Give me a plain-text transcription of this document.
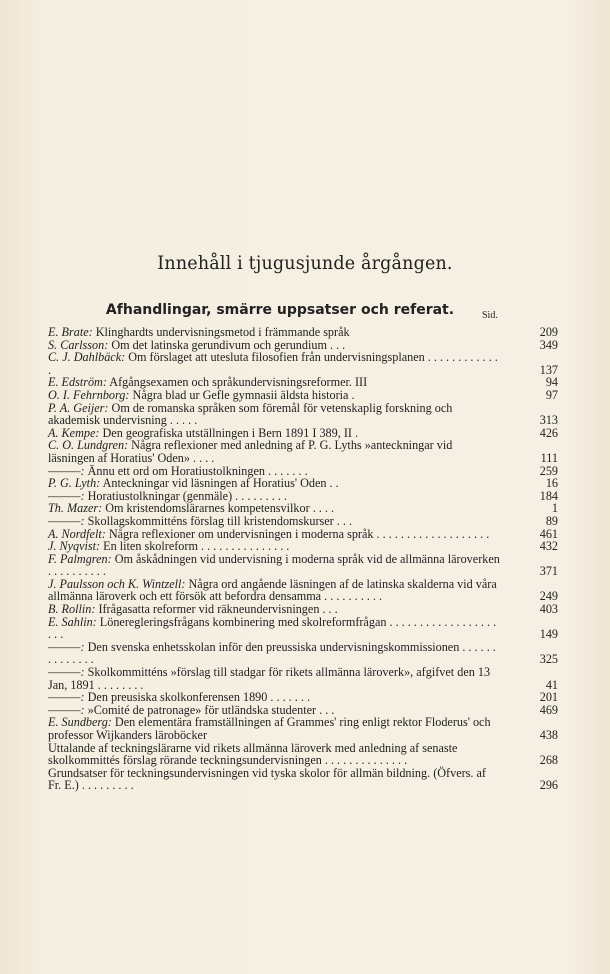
Innehåll i tjugusjunde årgången.
Afhandlingar, smärre uppsatser och referat.	Sid.
E. Brate: Klinghardts undervisningsmetod i främmande språk	209
S. Carlsson: Om det latinska gerundivum och gerundium . . .	349
C. J. Dahlbäck: Om förslaget att utesluta filosofien från undervisningsplanen . . . . . . . . . . . . .	137
E. Edström: Afgångsexamen och språkundervisningsreformer. III	94
O. I. Fehrnborg: Några blad ur Gefle gymnasii äldsta historia .	97
P. A. Geijer: Om de romanska språken som föremål för vetenskaplig forskning och akademisk undervisning . . . . .	313
A. Kempe: Den geografiska utställningen i Bern 1891 I 389, II .	426
C. O. Lundgren: Några reflexioner med anledning af P. G. Lyths »anteckningar vid läsningen af Horatius' Oden» . . . .	111
———: Ännu ett ord om Horatiustolkningen . . . . . . .	259
P. G. Lyth: Anteckningar vid läsningen af Horatius' Oden . .	16
———: Horatiustolkningar (genmäle) . . . . . . . . .	184
Th. Mazer: Om kristendomslärarnes kompetensvilkor . . . .	1
———: Skollagskommitténs förslag till kristendomskurser . . .	89
A. Nordfelt: Några reflexioner om undervisningen i moderna språk . . . . . . . . . . . . . . . . . . .	461
J. Nyqvist: En liten skolreform . . . . . . . . . . . . . . .	432
F. Palmgren: Om åskådningen vid undervisning i moderna språk vid de allmänna läroverken . . . . . . . . . .	371
J. Paulsson och K. Wintzell: Några ord angående läsningen af de latinska skalderna vid våra allmänna läroverk och ett försök att befordra densamma . . . . . . . . . .	249
B. Rollin: Ifrågasatta reformer vid räkneundervisningen . . .	403
E. Sahlin: Löneregleringsfrågans kombinering med skolreformfrågan . . . . . . . . . . . . . . . . . . . . .	149
———: Den svenska enhetsskolan inför den preussiska undervisningskommissionen . . . . . . . . . . . . . .	325
———: Skolkommitténs »förslag till stadgar för rikets allmänna läroverk», afgifvet den 13 Jan, 1891 . . . . . . . .	41
———: Den preusiska skolkonferensen 1890 . . . . . . .	201
———: »Comité de patronage» för utländska studenter . . .	469
E. Sundberg: Den elementära framställningen af Grammes' ring enligt rektor Floderus' och professor Wijkanders läroböcker	438
Uttalande af teckningslärarne vid rikets allmänna läroverk med anledning af senaste skolkommittés förslag rörande teckningsundervisningen . . . . . . . . . . . . . .	268
Grundsatser för teckningsundervisningen vid tyska skolor för allmän bildning. (Öfvers. af Fr. E.) . . . . . . . . .	296
